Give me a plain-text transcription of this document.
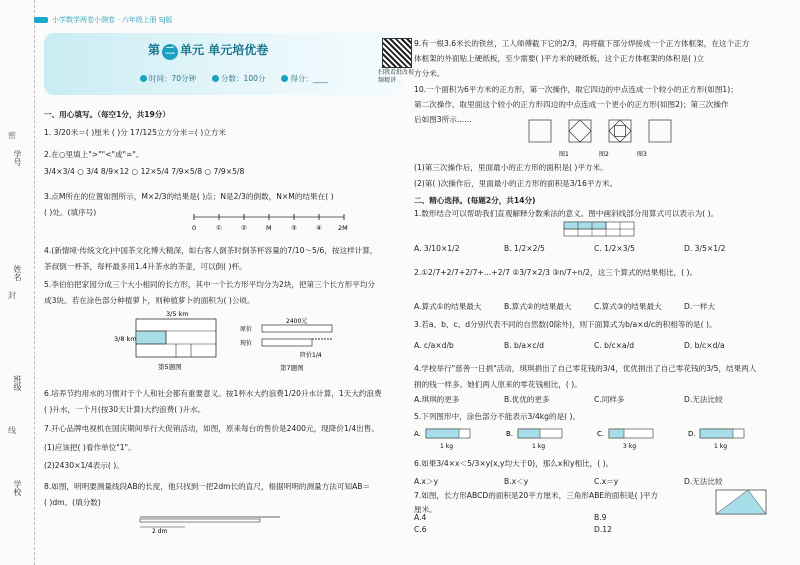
学号
姓名
班级
学校
密
封
线
小学数学两卷小测卷 · 六年级上册 SJ版
第 二 单元 单元培优卷
时间：70分钟	分数：100分	得分：____
扫我看批改视频精讲
一、用心填写。（每空1分，共19分）
1. 3/20米＝( )厘米 ( )分 17/125立方分米＝( )立方米
2.在○里填上">""<"或"="。
3/4×3/4 ○ 3/4 8/9×12 ○ 12×5/4 7/9×5/8 ○ 7/9×5/8
3.点M所在的位置如图所示，M×2/3的结果是( )点；N是2/3的倒数，N×M的结果在( )
( )处。(填序号)
0	①	②	M	③	④ 2M
4.(新情境·传统文化)中国茶文化博大精深，如右客人倒茶时倒茶杯容量的7/10～5/6，按这样计算，
茶叔倒一杯茶，每杯最多用1.4升茶水的茶壶，可以倒( )杯。
5.李伯伯把家园分成三个大小相同的长方形，其中一个长方形平均分为2块，把第三个长方形平均分
成3块。若在涂色部分种植萝卜，则种植萝卜的面积为( )公顷。
3/5 km
3/8 km
第5题图
原价
2400元
现价
降价1/4
第7题图
6.培养节约用水的习惯对于个人和社会都有重要意义。按1杯水大约浪费1/20升水计算，1天大约浪费
( )升水，一个月(按30天计算)大约浪费( )升水。
7.开心品牌电视机在国庆期间举行大促销活动，如图，原来每台的售价是2400元，现降价1/4出售。
(1)应该把( )看作单位"1"。
(2)2430×1/4表示( )。
8.如图，明明要测量线段AB的长度，他只找到一把2dm长的直尺，根据明明的测量方法可知AB＝
( )dm。(填分数)
2 dm
9.有一根3.6米长的铁丝，工人师傅截下它的2/3，再将截下部分焊接成一个正方体框架，在这个正方
体框架的外面贴上硬纸板，至少需要( )平方米的硬纸板，这个正方体框架的体积是( )立
方分米。
10.一个面积为6平方米的正方形，第一次操作，取它四边的中点连成一个较小的正方形(如图1)；
第二次操作，取里面这个较小的正方形四边的中点连成一个更小的正方形(如图2)；第三次操作
后如图3所示……
图1	图2	图3
(1)第三次操作后，里面最小的正方形的面积是( )平方米。
(2)第( )次操作后，里面最小的正方形的面积是3/16平方米。
二、精心选择。(每题2分，共14分)
1.数形结合可以帮助我们直观解释分数乘法的意义。图中画斜线部分用算式可以表示为( )。
A. 3/10×1/2	B. 1/2×2/5	C. 1/2×3/5	D. 3/5×1/2
2.①2/7+2/7+2/7+…+2/7 ②3/7×2/3 ③n/7÷n/2，这三个算式的结果相比，( )。
A.算式①的结果最大	B.算式②的结果最大	C.算式③的结果最大	D.一样大
3.若a、b、c、d分别代表不同的自然数(0除外)，则下面算式为b/a×d/c的积相等的是( )。
A. c/a×d/b	B. b/a×c/d	C. b/c×a/d	D. b/c×d/a
4.学校举行"慈善一日捐"活动，琪琪捐出了自己零花钱的3/4，优优捐出了自己零花钱的3/5，结果两人
捐的钱一样多。她们两人原来的零花钱相比，( )。
A.琪琪的更多	B.优优的更多	C.同样多	D.无法比较
5.下列图形中，涂色部分不能表示3/4kg的是( )。
A.
1 kg
B.
1 kg
C.
3 kg
D.
1 kg
6.如果3/4×x＜5/3×y(x,y均大于0)，那么x和y相比，( )。
A.x＞y	B.x＜y	C.x＝y	D.无法比较
7.如图，长方形ABCD的面积是20平方厘米，三角形ABE的面积是( )平方
厘米。
A.4	B.9
C.6	D.12
